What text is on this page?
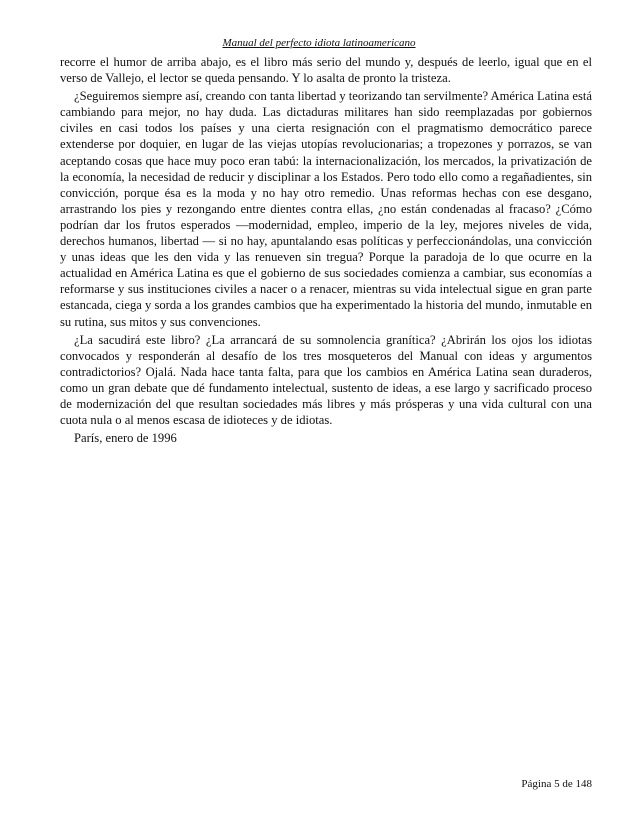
Manual del perfecto idiota latinoamericano

recorre el humor de arriba abajo, es el libro más serio del mundo y, después de leerlo, igual que en el verso de Vallejo, el lector se queda pensando. Y lo asalta de pronto la tristeza.

¿Seguiremos siempre así, creando con tanta libertad y teorizando tan servilmente? América Latina está cambiando para mejor, no hay duda. Las dictaduras militares han sido reemplazadas por gobiernos civiles en casi todos los países y una cierta resignación con el pragmatismo democrático parece extenderse por doquier, en lugar de las viejas utopías revolucionarias; a tropezones y porrazos, se van aceptando cosas que hace muy poco eran tabú: la internacionalización, los mercados, la privatización de la economía, la necesidad de reducir y disciplinar a los Estados. Pero todo ello como a regañadientes, sin convicción, porque ésa es la moda y no hay otro remedio. Unas reformas hechas con ese desgano, arrastrando los pies y rezongando entre dientes contra ellas, ¿no están condenadas al fracaso? ¿Cómo podrían dar los frutos esperados —modernidad, empleo, imperio de la ley, mejores niveles de vida, derechos humanos, libertad — si no hay, apuntalando esas políticas y perfeccionándolas, una convicción y unas ideas que les den vida y las renueven sin tregua? Porque la paradoja de lo que ocurre en la actualidad en América Latina es que el gobierno de sus sociedades comienza a cambiar, sus economías a reformarse y sus instituciones civiles a nacer o a renacer, mientras su vida intelectual sigue en gran parte estancada, ciega y sorda a los grandes cambios que ha experimentado la historia del mundo, inmutable en su rutina, sus mitos y sus convenciones.

¿La sacudirá este libro? ¿La arrancará de su somnolencia granítica? ¿Abrirán los ojos los idiotas convocados y responderán al desafío de los tres mosqueteros del Manual con ideas y argumentos contradictorios? Ojalá. Nada hace tanta falta, para que los cambios en América Latina sean duraderos, como un gran debate que dé fundamento intelectual, sustento de ideas, a ese largo y sacrificado proceso de modernización del que resultan sociedades más libres y más prósperas y una vida cultural con una cuota nula o al menos escasa de idioteces y de idiotas.

París, enero de 1996

Página 5 de 148
